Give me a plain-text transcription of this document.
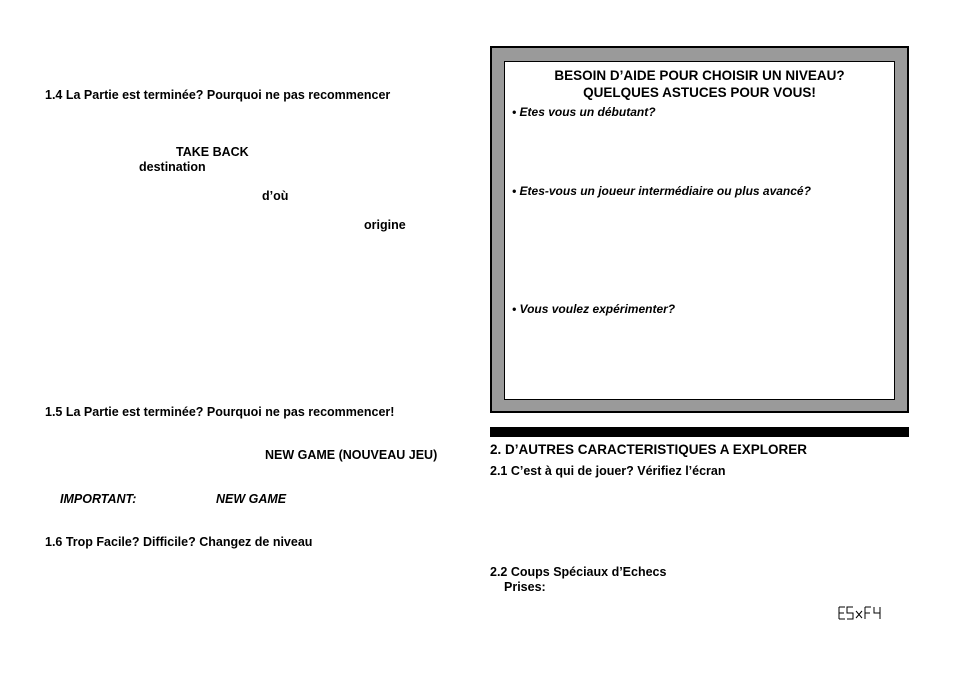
1.4 La Partie est terminée? Pourquoi ne pas recommencer
TAKE BACK
destination
d’où
origine
1.5 La Partie est terminée? Pourquoi ne pas recommencer!
NEW GAME (NOUVEAU JEU)
IMPORTANT:	NEW GAME
1.6 Trop Facile? Difficile? Changez de niveau
BESOIN D’AIDE POUR CHOISIR UN NIVEAU?
QUELQUES ASTUCES POUR VOUS!
• Etes vous un débutant?
• Etes-vous un joueur intermédiaire ou plus avancé?
• Vous voulez expérimenter?
2. D’AUTRES CARACTERISTIQUES A EXPLORER
2.1 C’est à qui de jouer? Vérifiez l’écran
2.2 Coups Spéciaux d’Echecs
Prises:
